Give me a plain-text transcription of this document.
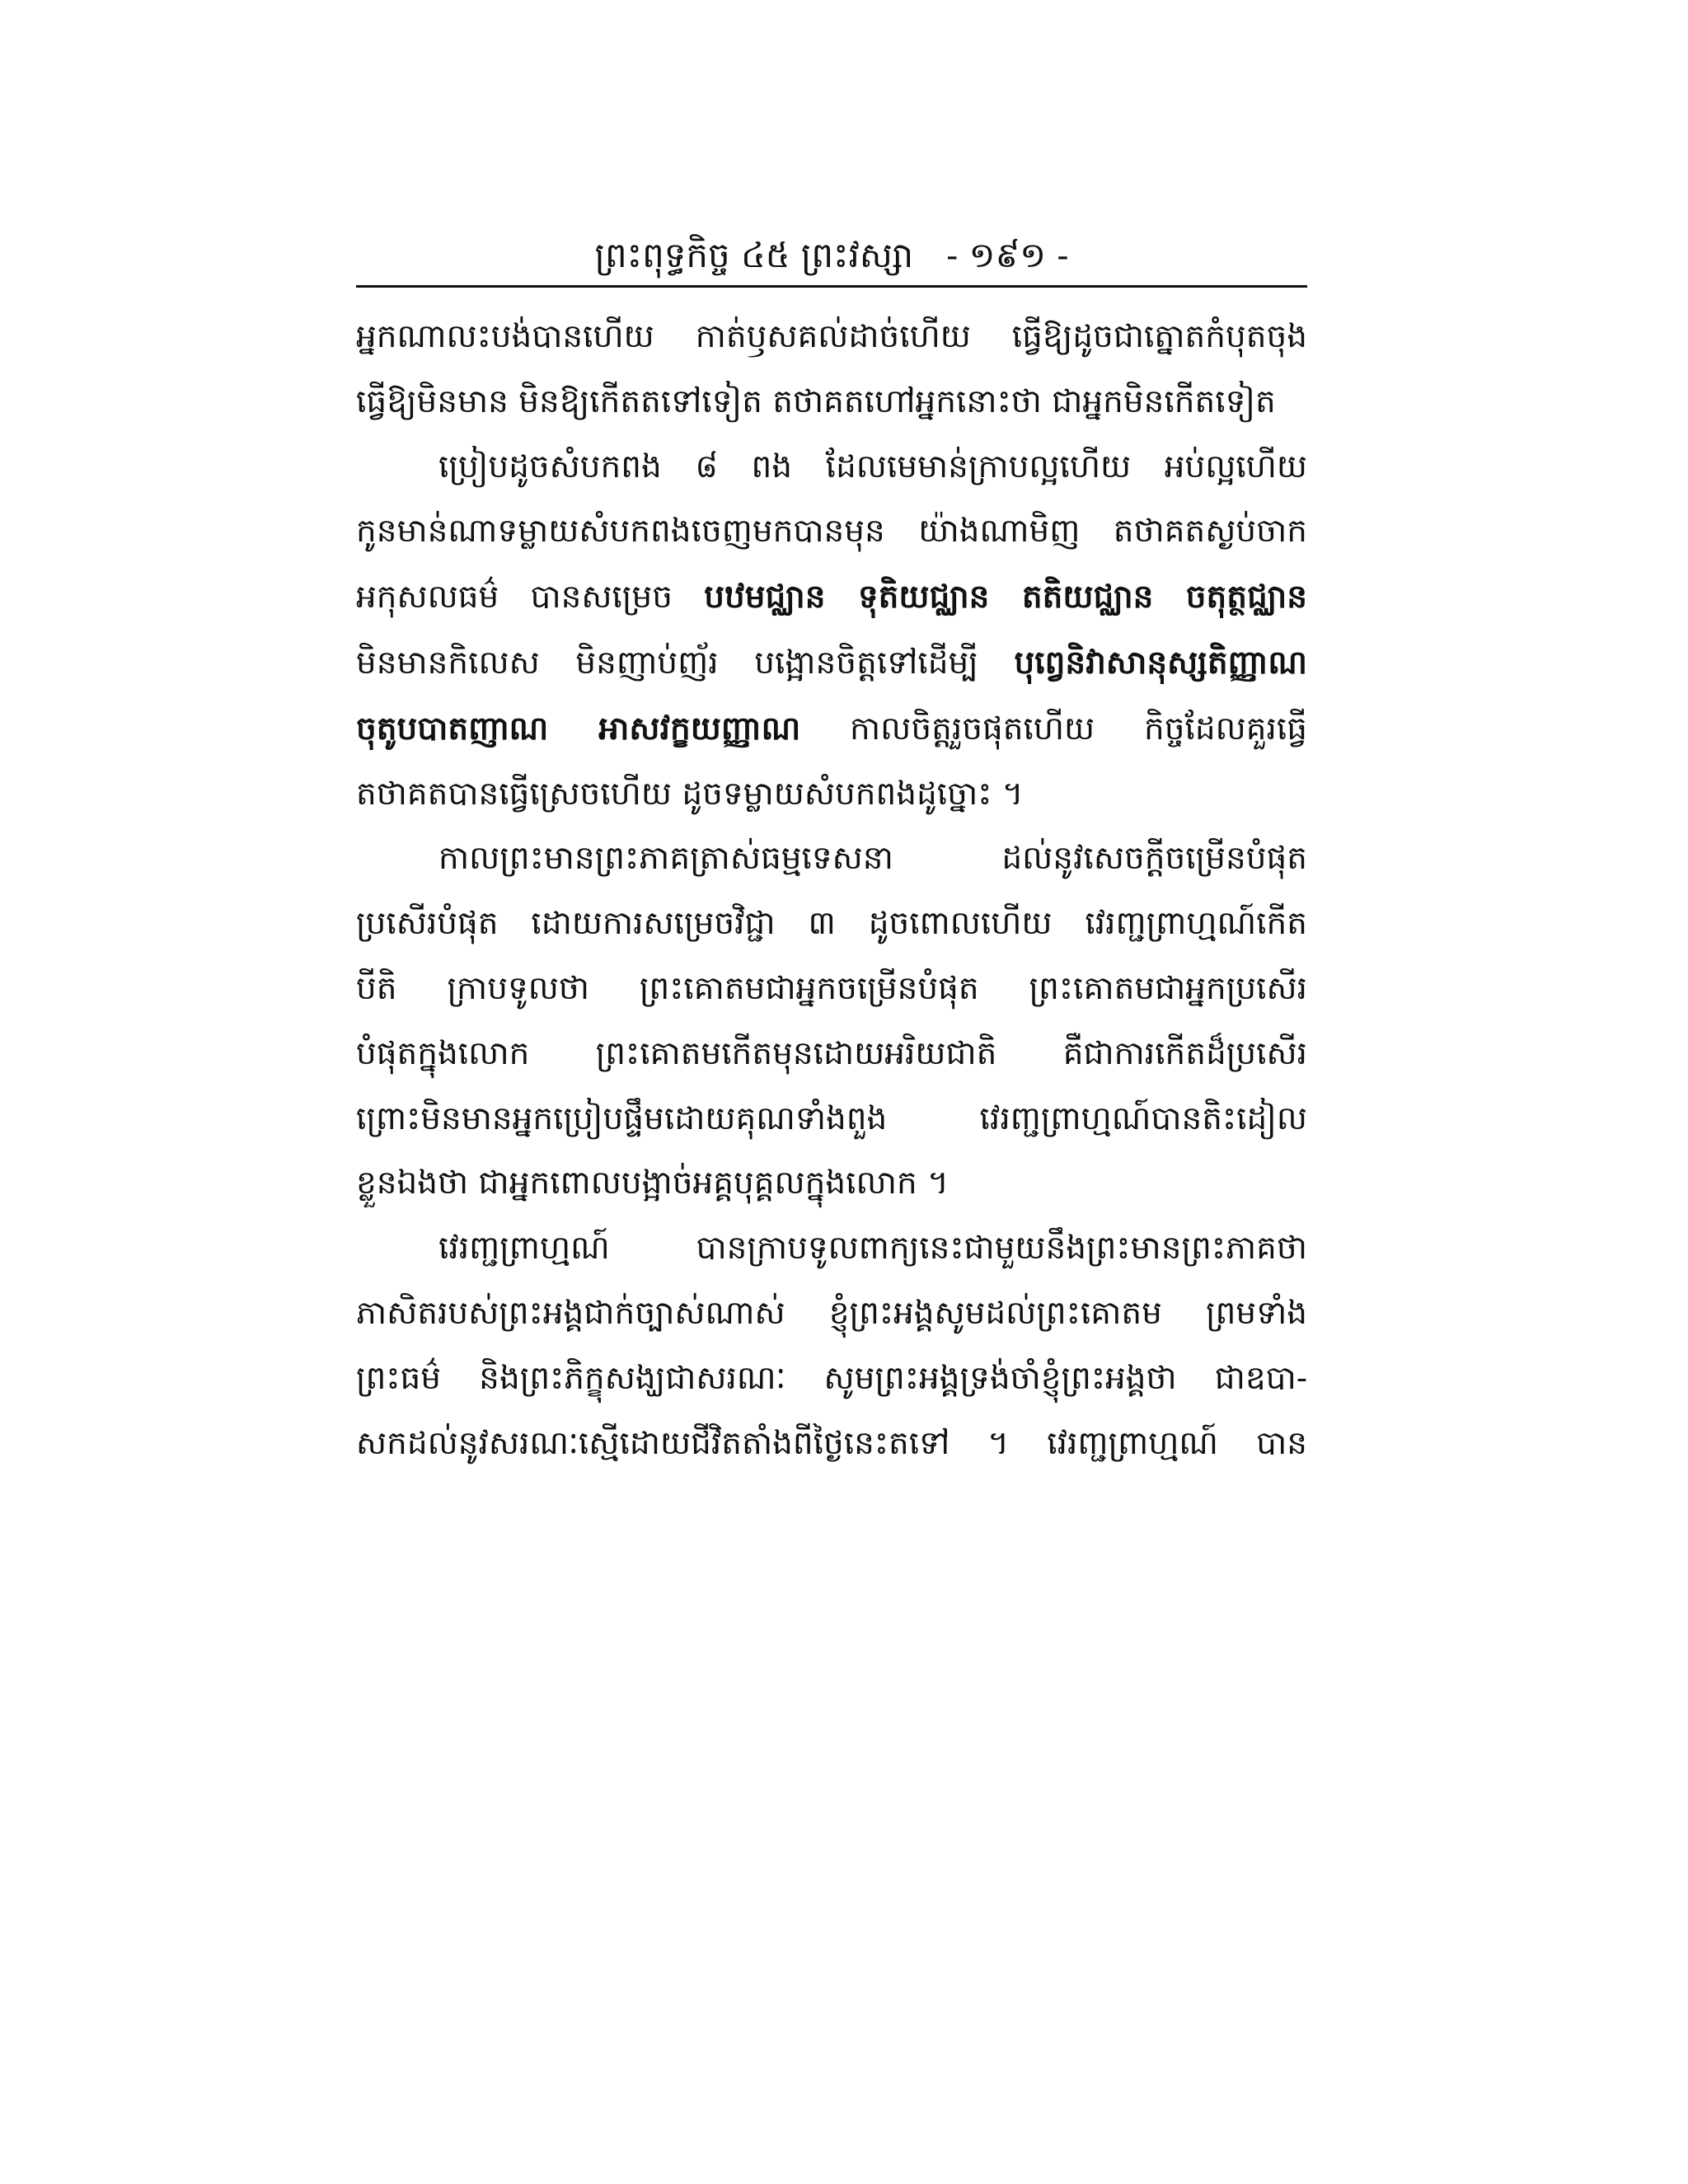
ព្រះពុទ្ធកិច្ច ៤៥ ព្រះវស្សា - ១៩១ -
អ្នកណាលះបង់បានហើយ កាត់ឫសគល់ដាច់ហើយ ធ្វើឱ្យដូចជាត្នោតកំបុតចុង
ធ្វើឱ្យមិនមាន មិនឱ្យកើតតទៅទៀត តថាគតហៅអ្នកនោះថា ជាអ្នកមិនកើតទៀត
ប្រៀបដូចសំបកពង ៨ ពង ដែលមេមាន់ក្រាបល្អហើយ អប់ល្អហើយ
កូនមាន់ណាទម្លាយសំបកពងចេញមកបានមុន យ៉ាងណាមិញ តថាគតស្ងប់ចាក
អកុសលធម៌ បានសម្រេច បឋមជ្ឈាន ទុតិយជ្ឈាន តតិយជ្ឈាន ចតុត្ថជ្ឈាន
មិនមានកិលេស មិនញាប់ញ័រ បង្អោនចិត្តទៅដើម្បី បុព្វេនិវាសានុស្សតិញ្ញាណ
ចុតូបបាតញាណ អាសវក្ខយញ្ញាណ កាលចិត្តរួចផុតហើយ កិច្ចដែលគួរធ្វើ
តថាគតបានធ្វើស្រេចហើយ ដូចទម្លាយសំបកពងដូច្នោះ ។
កាលព្រះមានព្រះភាគត្រាស់ធម្មទេសនា ដល់នូវសេចក្តីចម្រើនបំផុត
ប្រសើរបំផុត ដោយការសម្រេចវិជ្ជា ៣ ដូចពោលហើយ វេរញ្ជព្រាហ្មណ៍កើត
បីតិ ក្រាបទូលថា ព្រះគោតមជាអ្នកចម្រើនបំផុត ព្រះគោតមជាអ្នកប្រសើរ
បំផុតក្នុងលោក ព្រះគោតមកើតមុនដោយអរិយជាតិ គឺជាការកើតដ៏ប្រសើរ
ព្រោះមិនមានអ្នកប្រៀបផ្ទឹមដោយគុណទាំងពួង វេរញ្ជព្រាហ្មណ៍បានតិះដៀល
ខ្លួនឯងថា ជាអ្នកពោលបង្អាច់អគ្គបុគ្គលក្នុងលោក ។
វេរញ្ជព្រាហ្មណ៍ បានក្រាបទូលពាក្យនេះជាមួយនឹងព្រះមានព្រះភាគថា
ភាសិតរបស់ព្រះអង្គជាក់ច្បាស់ណាស់ ខ្ញុំព្រះអង្គសូមដល់ព្រះគោតម ព្រមទាំង
ព្រះធម៌ និងព្រះភិក្ខុសង្ឃជាសរណៈ សូមព្រះអង្គទ្រង់ចាំខ្ញុំព្រះអង្គថា ជាឧបា-
សកដល់នូវសរណៈស្មើដោយជីវិតតាំងពីថ្ងៃនេះតទៅ ។ វេរញ្ជព្រាហ្មណ៍ បាន
